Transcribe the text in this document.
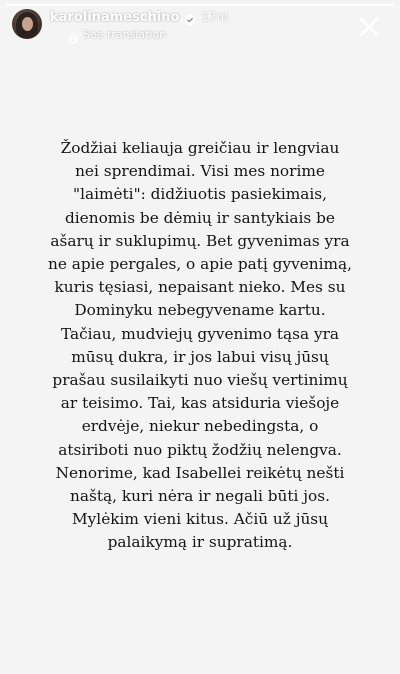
karolinameschino 17m
See translation

Žodžiai keliauja greičiau ir lengviau
nei sprendimai. Visi mes norime
"laimėti": didžiuotis pasiekimais,
dienomis be dėmių ir santykiais be
ašarų ir suklupimų. Bet gyvenimas yra
ne apie pergales, o apie patį gyvenimą,
kuris tęsiasi, nepaisant nieko. Mes su
Dominyku nebegyvename kartu.
Tačiau, mudviejų gyvenimo tąsa yra
mūsų dukra, ir jos labui visų jūsų
prašau susilaikyti nuo viešų vertinimų
ar teisimo. Tai, kas atsiduria viešoje
erdvėje, niekur nebedingsta, o
atsiriboti nuo piktų žodžių nelengva.
Nenorime, kad Isabellei reikėtų nešti
naštą, kuri nėra ir negali būti jos.
Mylėkim vieni kitus. Ačiū už jūsų
palaikymą ir supratimą.
